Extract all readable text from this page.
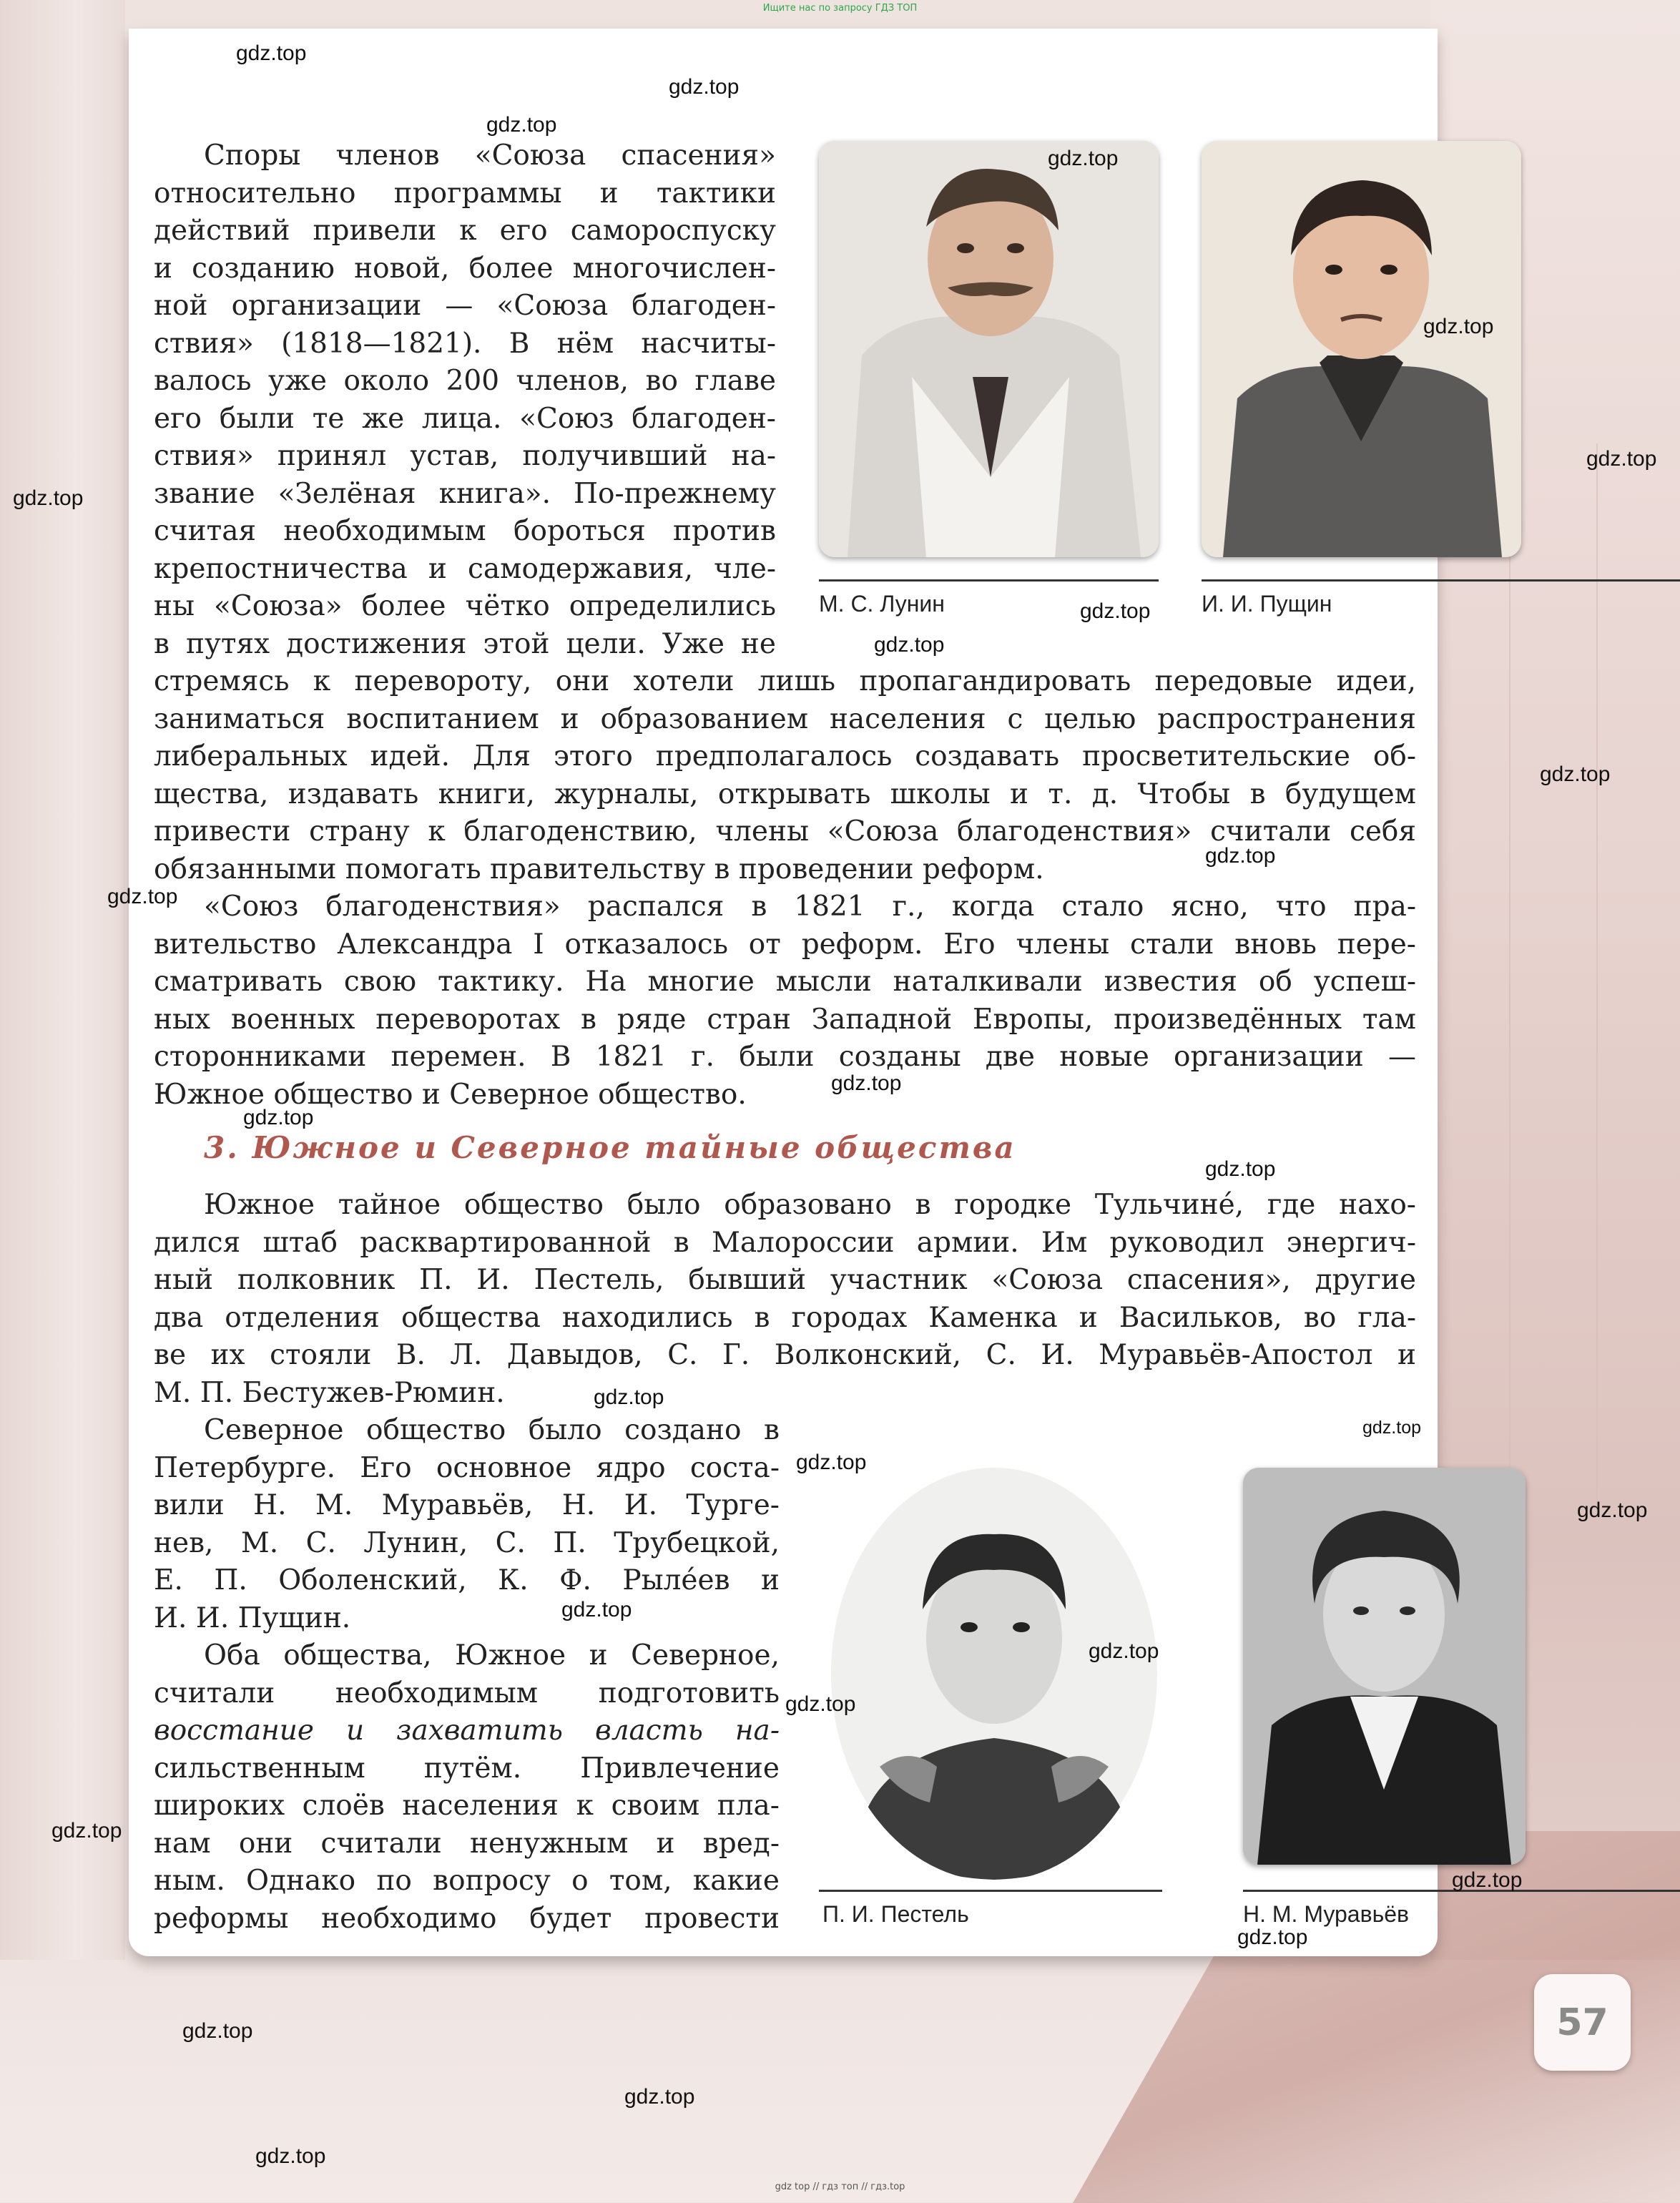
Ищите нас по запросу ГДЗ ТОП
Споры членов «Союза спасения»
относительно программы и тактики
действий привели к его самороспуску
и созданию новой, более многочислен-
ной организации — «Союза благоден-
ствия» (1818—1821). В нём насчиты-
валось уже около 200 членов, во главе
его были те же лица. «Союз благоден-
ствия» принял устав, получивший на-
звание «Зелёная книга». По-прежнему
считая необходимым бороться против
крепостничества и самодержавия, чле-
ны «Союза» более чётко определились
в путях достижения этой цели. Уже не
стремясь к перевороту, они хотели лишь пропагандировать передовые идеи,
заниматься воспитанием и образованием населения с целью распространения
либеральных идей. Для этого предполагалось создавать просветительские об-
щества, издавать книги, журналы, открывать школы и т. д. Чтобы в будущем
привести страну к благоденствию, члены «Союза благоденствия» считали себя
обязанными помогать правительству в проведении реформ.
«Союз благоденствия» распался в 1821 г., когда стало ясно, что пра-
вительство Александра I отказалось от реформ. Его члены стали вновь пере-
сматривать свою тактику. На многие мысли наталкивали известия об успеш-
ных военных переворотах в ряде стран Западной Европы, произведённых там
сторонниками перемен. В 1821 г. были созданы две новые организации —
Южное общество и Северное общество.
3. Южное и Северное тайные общества
Южное тайное общество было образовано в городке Тульчинé, где нахо-
дился штаб расквартированной в Малороссии армии. Им руководил энергич-
ный полковник П. И. Пестель, бывший участник «Союза спасения», другие
два отделения общества находились в городах Каменка и Васильков, во гла-
ве их стояли В. Л. Давыдов, С. Г. Волконский, С. И. Муравьёв-Апостол и
М. П. Бестужев-Рюмин.
Северное общество было создано в
Петербурге. Его основное ядро соста-
вили Н. М. Муравьёв, Н. И. Турге-
нев, М. С. Лунин, С. П. Трубецкой,
Е. П. Оболенский, К. Ф. Рылéев и
И. И. Пущин.
Оба общества, Южное и Северное,
считали необходимым подготовить
восстание и захватить власть на-
сильственным путём. Привлечение
широких слоёв населения к своим пла-
нам они считали ненужным и вред-
ным. Однако по вопросу о том, какие
реформы необходимо будет провести

М. С. Лунин	И. И. Пущин

П. И. Пестель	Н. М. Муравьёв

57
gdz.top
gdz.top
gdz.top
gdz.top
gdz.top
gdz.top
gdz.top
gdz.top
gdz.top
gdz.top
gdz.top
gdz.top
gdz.top
gdz.top
gdz.top
gdz.top
gdz.top
gdz.top
gdz.top
gdz.top
gdz.top
gdz.top
gdz.top
gdz.top
gdz.top
gdz.top
gdz.top
gdz.top
gdz top // гдз топ // гдз.top
